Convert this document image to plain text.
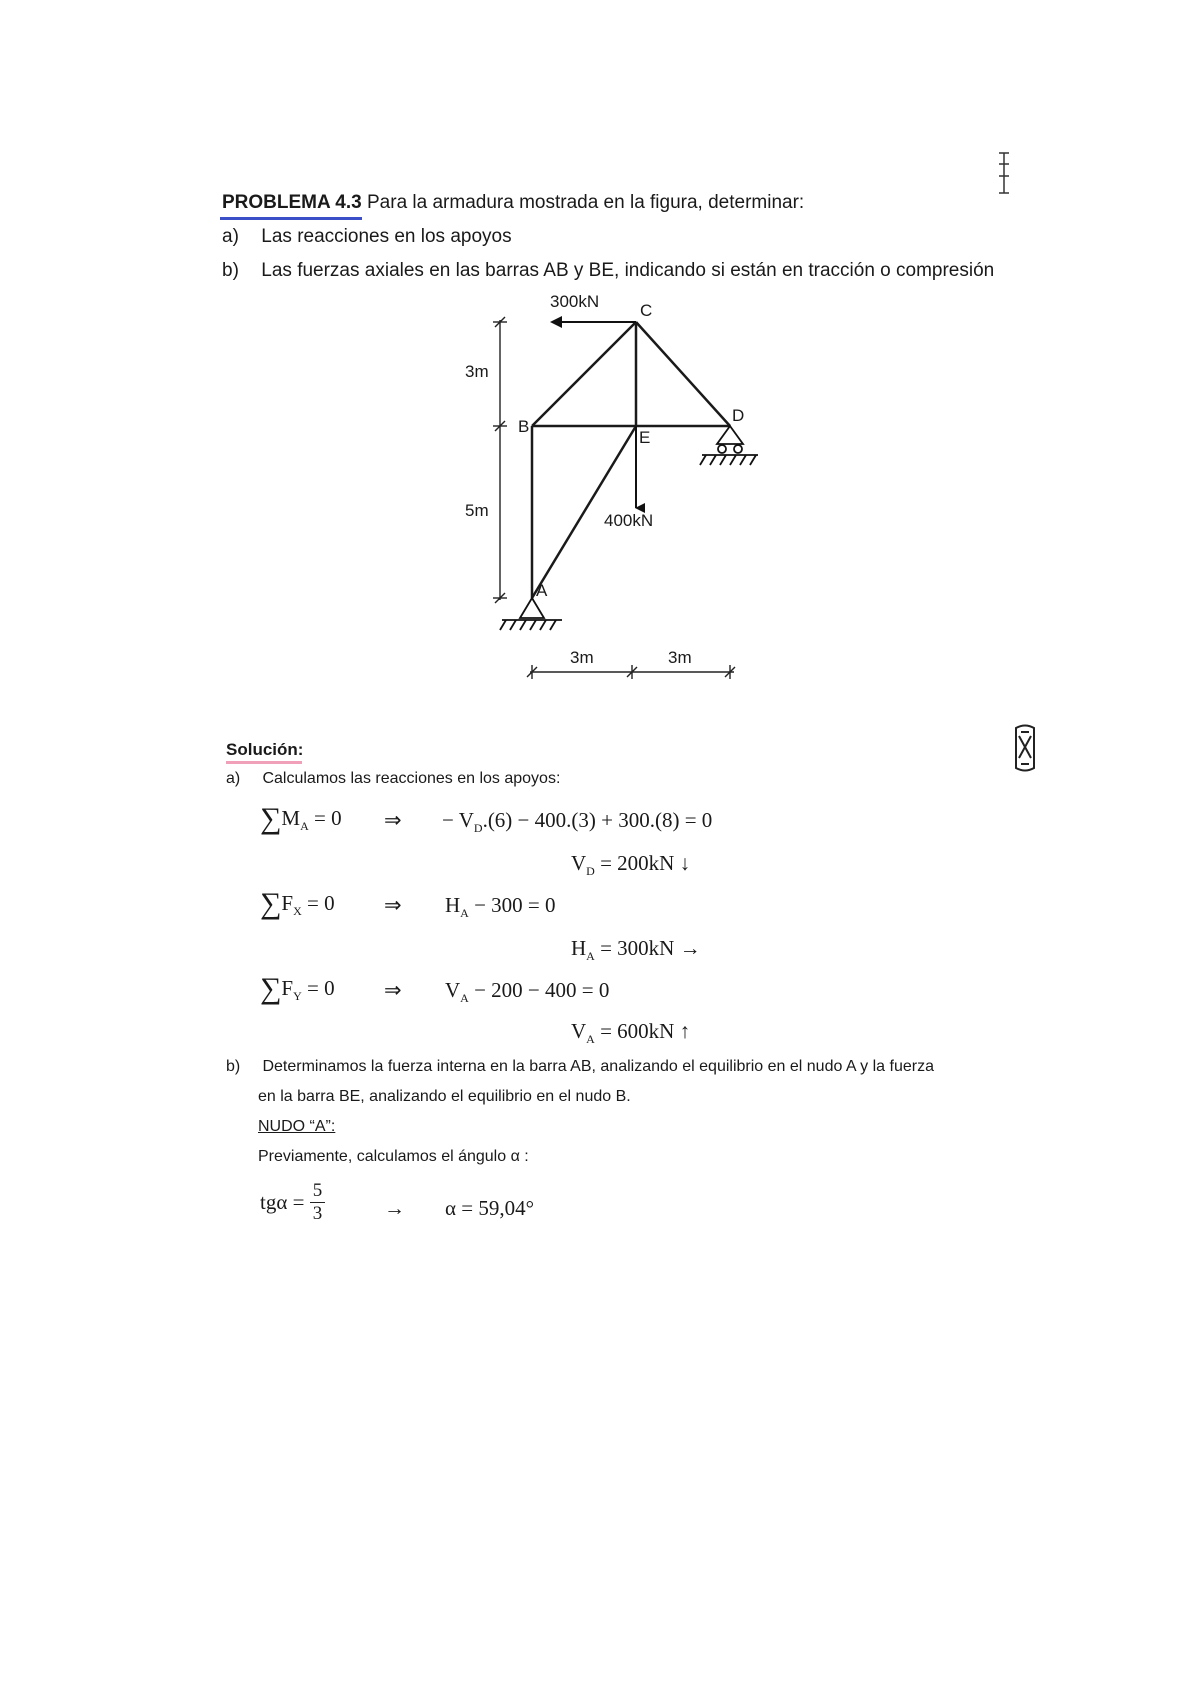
PROBLEMA 4.3 Para la armadura mostrada en la figura, determinar:
a) Las reacciones en los apoyos
b) Las fuerzas axiales en las barras AB y BE, indicando si están en tracción o compresión
C
B
D
E
A
300kN
400kN
3m
5m
3m	3m
Solución:
a) Calculamos las reacciones en los apoyos:
$\sum M_A = 0$ ⇒ − $V_D.(6) - 400.(3) + 300.(8) = 0$
$V_D = 200kN$ ↓
$\sum F_X = 0$ ⇒ $H_A - 300 = 0$
$H_A = 300kN$ →
$\sum F_Y = 0$ ⇒ $V_A - 200 - 400 = 0$
$V_A = 600kN$ ↑
b) Determinamos la fuerza interna en la barra AB, analizando el equilibrio en el nudo A y la fuerza
en la barra BE, analizando el equilibrio en el nudo B.
NUDO “A”:
Previamente, calculamos el ángulo α :
$tg\alpha = \frac{5}{3}$	→ α = 59,04°
